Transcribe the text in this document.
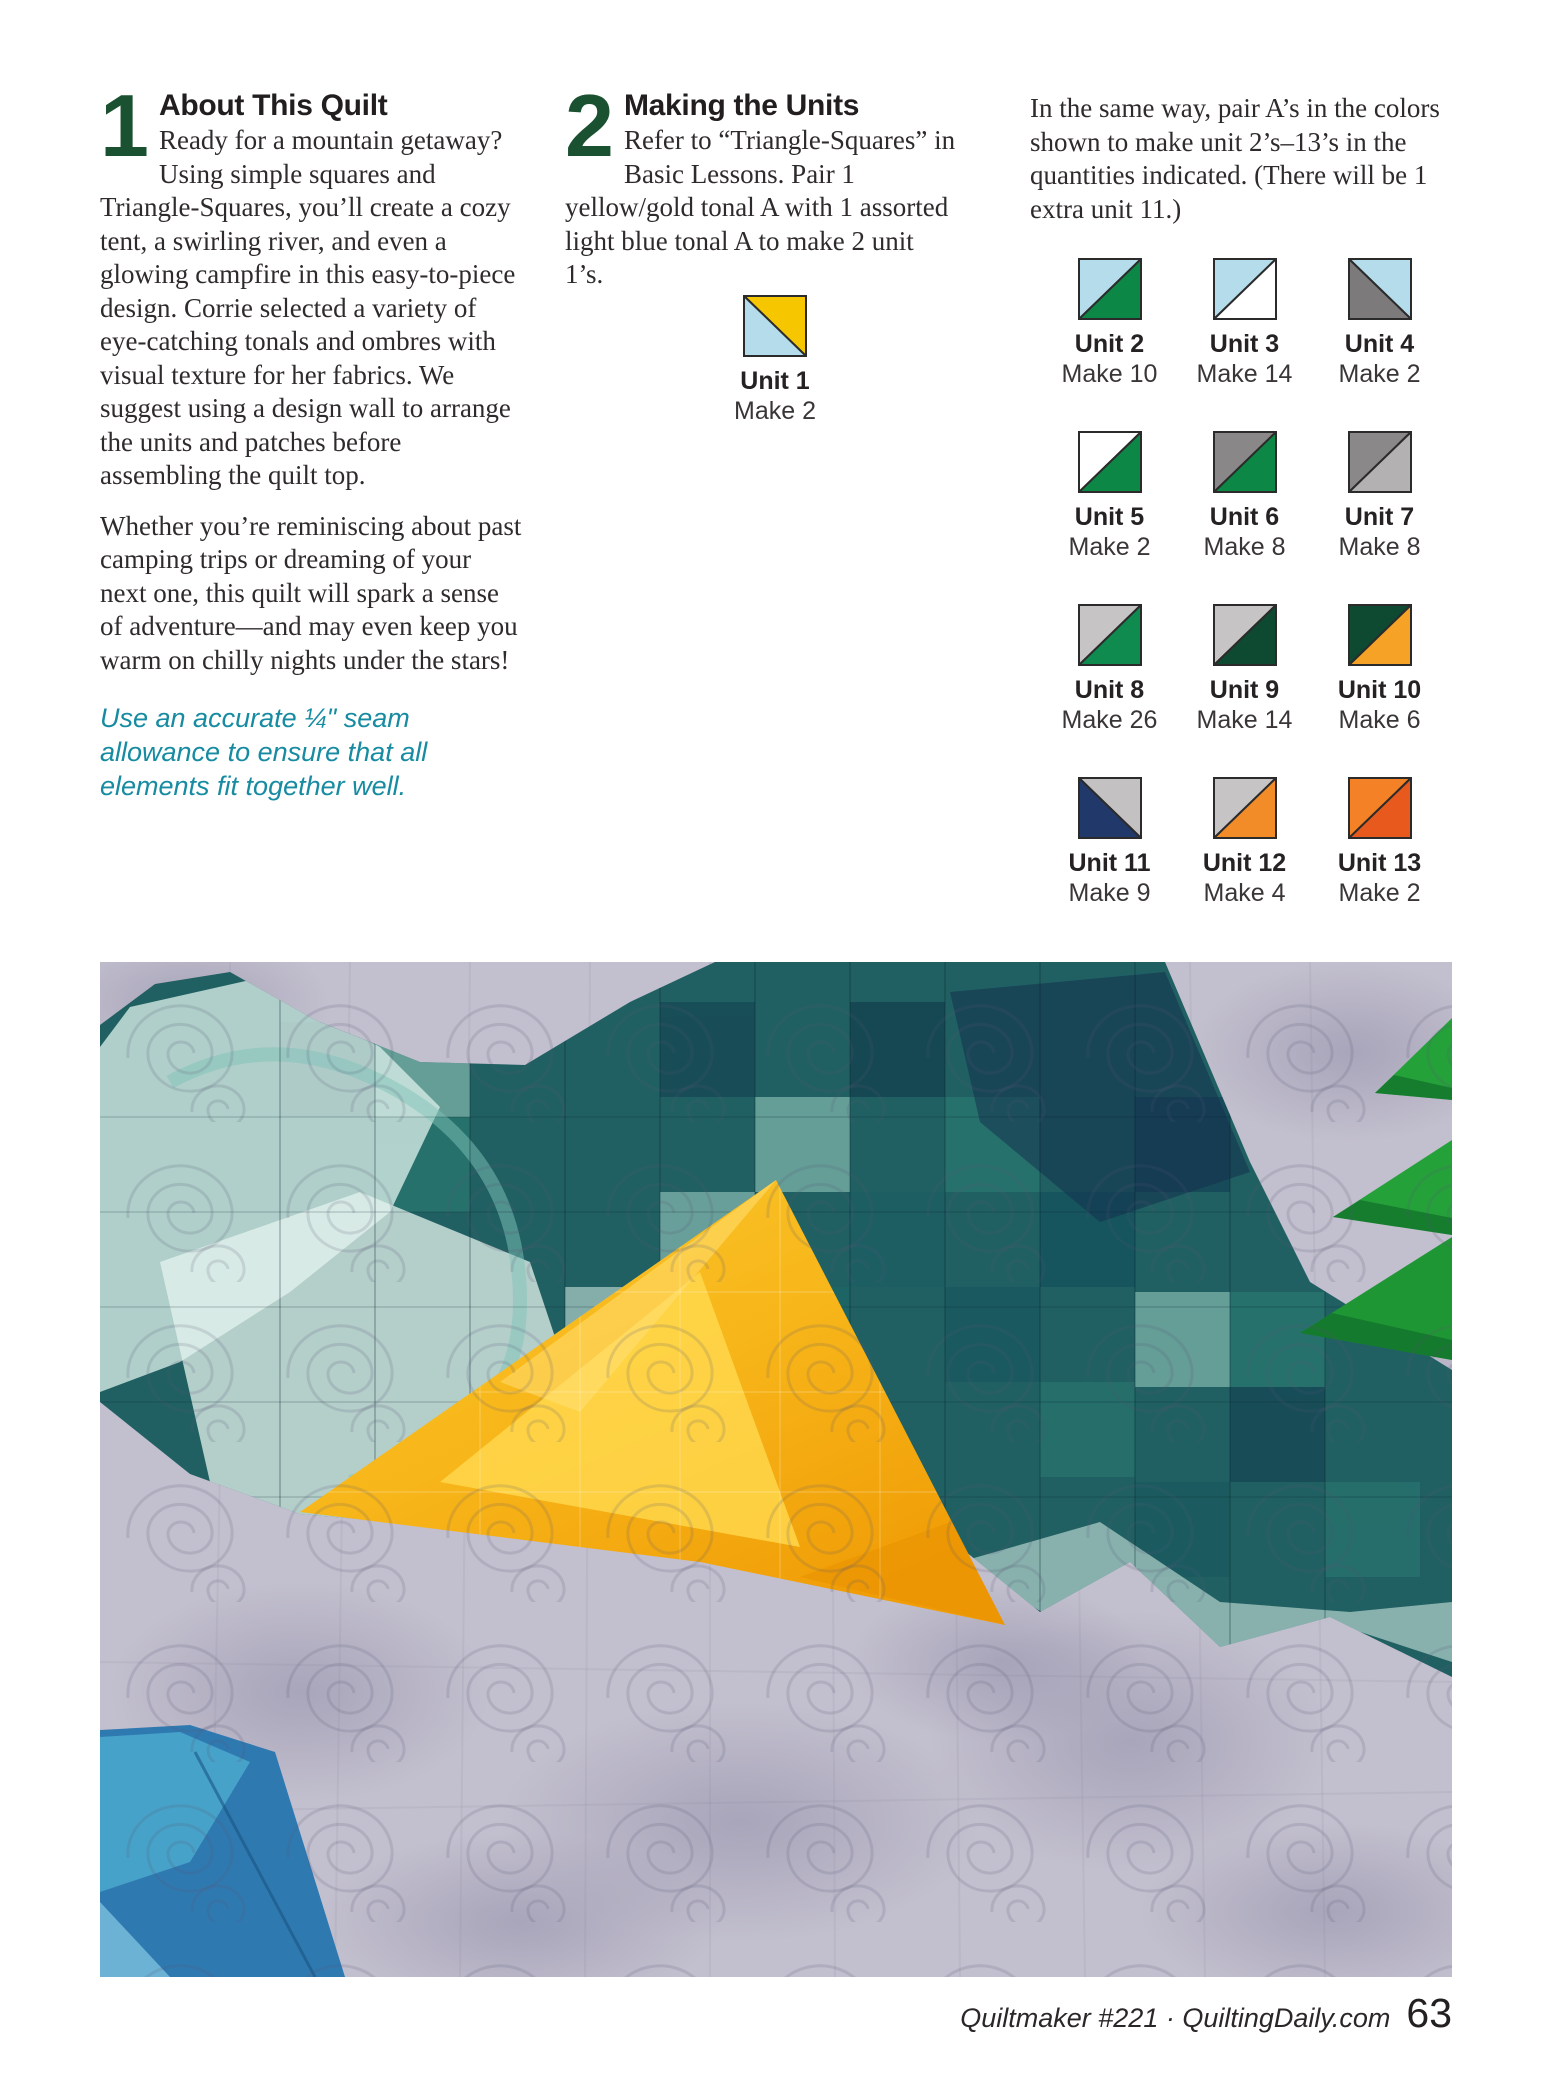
1 About This Quilt

Ready for a mountain getaway? Using simple squares and Triangle-Squares, you’ll create a cozy tent, a swirling river, and even a glowing campfire in this easy-to-piece design. Corrie selected a variety of eye-catching tonals and ombres with visual texture for her fabrics. We suggest using a design wall to arrange the units and patches before assembling the quilt top.

Whether you’re reminiscing about past camping trips or dreaming of your next one, this quilt will spark a sense of adventure—and may even keep you warm on chilly nights under the stars!

Use an accurate ¼" seam allowance to ensure that all elements fit together well.

2 Making the Units

Refer to “Triangle-Squares” in Basic Lessons. Pair 1 yellow/gold tonal A with 1 assorted light blue tonal A to make 2 unit 1’s.

Unit 1
Make 2

In the same way, pair A’s in the colors shown to make unit 2’s–13’s in the quantities indicated. (There will be 1 extra unit 11.)

Unit 2
Make 10
Unit 3
Make 14
Unit 4
Make 2
Unit 5
Make 2
Unit 6
Make 8
Unit 7
Make 8
Unit 8
Make 26
Unit 9
Make 14
Unit 10
Make 6
Unit 11
Make 9
Unit 12
Make 4
Unit 13
Make 2
Quiltmaker #221 · QuiltingDaily.com 63
